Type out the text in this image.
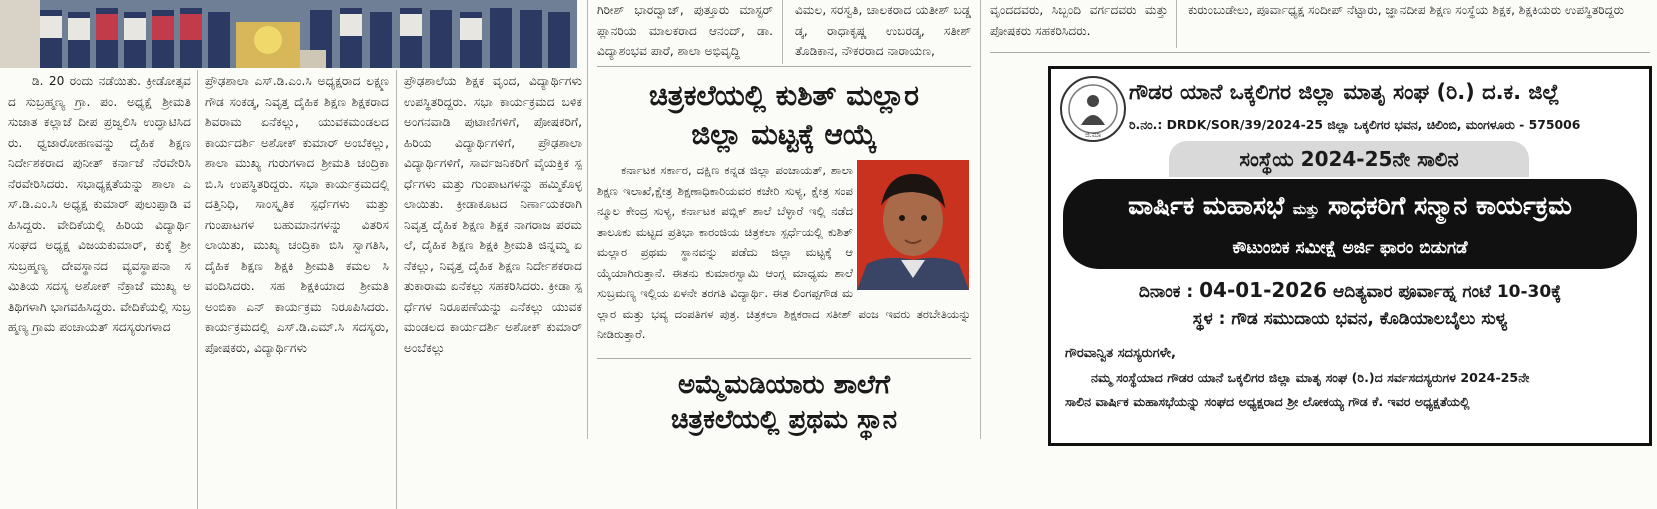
ಡಿ. 20 ರಂದು ನಡೆಯಿತು. ಕ್ರೀಡೋತ್ಸವದ ಸುಬ್ರಹ್ಮಣ್ಯ ಗ್ರಾ. ಪಂ. ಅಧ್ಯಕ್ಷೆ ಶ್ರೀಮತಿ ಸುಜಾತ ಕಲ್ಲಾಜೆ ದೀಪ ಪ್ರಜ್ವಲಿಸಿ ಉದ್ಘಾಟಿಸಿದರು. ಧ್ವಜಾರೋಹಣವನ್ನು ದೈಹಿಕ ಶಿಕ್ಷಣ ನಿರ್ದೇಶಕರಾದ ಪುನೀತ್ ಕರ್ನಾಜೆ ನೆರವೇರಿಸಿ ನೆರವೇರಿಸಿದರು. ಸಭಾಧ್ಯಕ್ಷತೆಯನ್ನು ಶಾಲಾ ಎಸ್.ಡಿ.ಎಂ.ಸಿ ಅಧ್ಯಕ್ಷ ಕುಮಾರ್ ಪುಲುಪ್ಪಾಡಿ ವಹಿಸಿದ್ದರು. ವೇದಿಕೆಯಲ್ಲಿ ಹಿರಿಯ ವಿದ್ಯಾರ್ಥಿ ಸಂಘದ ಅಧ್ಯಕ್ಷ ವಿಜಯಕುಮಾರ್, ಕುಕ್ಕೆ ಶ್ರೀ ಸುಬ್ರಹ್ಮಣ್ಯ ದೇವಸ್ಥಾನದ ವ್ಯವಸ್ಥಾಪನಾ ಸಮಿತಿಯ ಸದಸ್ಯ ಅಶೋಕ್ ನೆಕ್ರಾಜೆ ಮುಖ್ಯ ಅತಿಥಿಗಳಾಗಿ ಭಾಗವಹಿಸಿದ್ದರು. ವೇದಿಕೆಯಲ್ಲಿ ಸುಬ್ರಹ್ಮಣ್ಯ ಗ್ರಾಮ ಪಂಚಾಯತ್ ಸದಸ್ಯರುಗಳಾದ

ಪ್ರೌಢಶಾಲಾ ಎಸ್.ಡಿ.ಎಂ.ಸಿ ಅಧ್ಯಕ್ಷರಾದ ಲಕ್ಷ್ಮಣಗೌಡ ಸಂಕಡ್ಕ, ನಿವೃತ್ತ ದೈಹಿಕ ಶಿಕ್ಷಣ ಶಿಕ್ಷಕರಾದ ಶಿವರಾಮ ಏನೆಕಲ್ಲು, ಯುವಕಮಂಡಲದ ಕಾರ್ಯದರ್ಶಿ ಅಶೋಕ್ ಕುಮಾರ್ ಅಂಬೆಕಲ್ಲು, ಶಾಲಾ ಮುಖ್ಯ ಗುರುಗಳಾದ ಶ್ರೀಮತಿ ಚಂದ್ರಿಕಾ ಬಿ.ಸಿ ಉಪಸ್ಥಿತರಿದ್ದರು. ಸಭಾ ಕಾರ್ಯಕ್ರಮದಲ್ಲಿ ದತ್ತಿನಿಧಿ, ಸಾಂಸ್ಕೃತಿಕ ಸ್ಪರ್ಧೆಗಳು ಮತ್ತು ಗುಂಪಾಟಗಳ ಬಹುಮಾನಗಳನ್ನು ವಿತರಿಸಲಾಯಿತು, ಮುಖ್ಯ ಚಂದ್ರಿಕಾ ಬಿಸಿ ಸ್ವಾಗತಿಸಿ, ದೈಹಿಕ ಶಿಕ್ಷಣ ಶಿಕ್ಷಕಿ ಶ್ರೀಮತಿ ಕಮಲ ಸಿ ವಂದಿಸಿದರು. ಸಹ ಶಿಕ್ಷಕಿಯಾದ ಶ್ರೀಮತಿ ಅಂಬಿಕಾ ಎನ್ ಕಾರ್ಯಕ್ರಮ ನಿರೂಪಿಸಿದರು. ಕಾರ್ಯಕ್ರಮದಲ್ಲಿ ಎಸ್.ಡಿ.ಎಮ್.ಸಿ ಸದಸ್ಯರು, ಪೋಷಕರು, ವಿದ್ಯಾರ್ಥಿಗಳು

ಪ್ರೌಢಶಾಲೆಯ ಶಿಕ್ಷಕ ವೃಂದ, ವಿದ್ಯಾರ್ಥಿಗಳು ಉಪಸ್ಥಿತರಿದ್ದರು. ಸಭಾ ಕಾರ್ಯಕ್ರಮದ ಬಳಿಕ ಅಂಗನವಾಡಿ ಪುಟಾಣಿಗಳಿಗೆ, ಪೋಷಕರಿಗೆ, ಹಿರಿಯ ವಿದ್ಯಾರ್ಥಿಗಳಿಗೆ, ಪ್ರೌಢಶಾಲಾ ವಿದ್ಯಾರ್ಥಿಗಳಿಗೆ, ಸಾರ್ವಜನಿಕರಿಗೆ ವೈಯಕ್ತಿಕ ಸ್ಪರ್ಧೆಗಳು ಮತ್ತು ಗುಂಪಾಟಗಳನ್ನು ಹಮ್ಮಿಕೊಳ್ಳಲಾಯಿತು. ಕ್ರೀಡಾಕೂಟದ ನಿರ್ಣಾಯಕರಾಗಿ ನಿವೃತ್ತ ದೈಹಿಕ ಶಿಕ್ಷಣ ಶಿಕ್ಷಕ ನಾಗರಾಜ ಪರಮಲೆ, ದೈಹಿಕ ಶಿಕ್ಷಣ ಶಿಕ್ಷಕಿ ಶ್ರೀಮತಿ ಜಿನ್ನಮ್ಮ ಏನೆಕಲ್ಲು, ನಿವೃತ್ತ ದೈಹಿಕ ಶಿಕ್ಷಣ ನಿರ್ದೇಶಕರಾದ ತುಕಾರಾಮ ಏನೆಕಲ್ಲು ಸಹಕರಿಸಿದರು. ಕ್ರೀಡಾ ಸ್ಪರ್ಧೆಗಳ ನಿರೂಪಣೆಯನ್ನು ಎನೆಕಲ್ಲು ಯುವಕಮಂಡಲದ ಕಾರ್ಯದರ್ಶಿ ಅಶೋಕ್ ಕುಮಾರ್ ಅಂಬೆಕಲ್ಲು

ಗಿರೀಶ್ ಭಾರದ್ವಾಜ್, ಪುತ್ತೂರು ಮಾಸ್ಟರ್ ಪ್ಲಾನರಿಯ ಮಾಲಕರಾದ ಆನಂದ್, ಡಾ. ವಿದ್ಯಾಶಂಭವ ಪಾರೆ, ಶಾಲಾ ಅಭಿವೃದ್ಧಿ

ವಿಮಲ, ಸರಸ್ವತಿ, ಚಾಲಕರಾದ ಯತೀಶ್ ಬಡ್ಡಡ್ಕ, ರಾಧಾಕೃಷ್ಣ ಉಬರಡ್ಕ, ಸತೀಶ್ ತೊಡಿಕಾನ, ನೌಕರರಾದ ನಾರಾಯಣ,

ಚಿತ್ರಕಲೆಯಲ್ಲಿ ಕುಶಿತ್ ಮಲ್ಲಾರ
ಜಿಲ್ಲಾ ಮಟ್ಟಕ್ಕೆ ಆಯ್ಕೆ

ಕರ್ನಾಟಕ ಸರ್ಕಾರ, ದಕ್ಷಿಣ ಕನ್ನಡ ಜಿಲ್ಲಾ ಪಂಚಾಯತ್, ಶಾಲಾ ಶಿಕ್ಷಣ ಇಲಾಖೆ,ಕ್ಷೇತ್ರ ಶಿಕ್ಷಣಾಧಿಕಾರಿಯವರ ಕಚೇರಿ ಸುಳ್ಯ, ಕ್ಷೇತ್ರ ಸಂಪನ್ಮೂಲ ಕೇಂದ್ರ ಸುಳ್ಯ, ಕರ್ನಾಟಕ ಪಬ್ಲಿಕ್ ಶಾಲೆ ಬೆಳ್ಳಾರೆ ಇಲ್ಲಿ ನಡೆದ ತಾಲೂಕು ಮಟ್ಟದ ಪ್ರತಿಭಾ ಕಾರಂಜಿಯ ಚಿತ್ರಕಲಾ ಸ್ಪರ್ಧೆಯಲ್ಲಿ ಕುಶಿತ್ ಮಲ್ಲಾರ ಪ್ರಥಮ ಸ್ಥಾನವನ್ನು ಪಡೆದು ಜಿಲ್ಲಾ ಮಟ್ಟಕ್ಕೆ ಆಯ್ಕೆಯಾಗಿರುತ್ತಾನೆ. ಈತನು ಕುಮಾರಸ್ವಾಮಿ ಆಂಗ್ಲ ಮಾಧ್ಯಮ ಶಾಲೆ ಸುಬ್ರಮಣ್ಯ ಇಲ್ಲಿಯ ಏಳನೇ ತರಗತಿ ವಿದ್ಯಾರ್ಥಿ. ಈತ ಲಿಂಗಪ್ಪಗೌಡ ಮಲ್ಲಾರ ಮತ್ತು ಭವ್ಯ ದಂಪತಿಗಳ ಪುತ್ರ. ಚಿತ್ರಕಲಾ ಶಿಕ್ಷಕರಾದ ಸತೀಶ್ ಪಂಜ ಇವರು ತರಬೇತಿಯನ್ನು ನೀಡಿರುತ್ತಾರೆ.

ಅಮ್ಮೆಮಡಿಯಾರು ಶಾಲೆಗೆ
ಚಿತ್ರಕಲೆಯಲ್ಲಿ ಪ್ರಥಮ ಸ್ಥಾನ

ವೃಂದದವರು, ಸಿಬ್ಬಂದಿ ವರ್ಗದವರು ಮತ್ತು ಪೋಷಕರು ಸಹಕರಿಸಿದರು.

ಕುರುಂಬುಡೇಲು, ಪೂರ್ವಾಧ್ಯಕ್ಷ ಸಂದೀಪ್ ನೆಟ್ಟಾರು, ಜ್ಞಾನದೀಪ ಶಿಕ್ಷಣ ಸಂಸ್ಥೆಯ ಶಿಕ್ಷಕ, ಶಿಕ್ಷಕಿಯರು ಉಪಸ್ಥಿತರಿದ್ದರು

ಜಿ.ಮಾ
ಗೌಡರ ಯಾನೆ ಒಕ್ಕಲಿಗರ ಜಿಲ್ಲಾ ಮಾತೃ ಸಂಘ (ರಿ.) ದ.ಕ. ಜಿಲ್ಲೆ
ರಿ.ನಂ.: DRDK/SOR/39/2024-25 ಜಿಲ್ಲಾ ಒಕ್ಕಲಿಗರ ಭವನ, ಚಿಲಿಂಬಿ, ಮಂಗಳೂರು - 575006
ಸಂಸ್ಥೆಯ 2024-25ನೇ ಸಾಲಿನ
ವಾರ್ಷಿಕ ಮಹಾಸಭೆ ಮತ್ತು ಸಾಧಕರಿಗೆ ಸನ್ಮಾನ ಕಾರ್ಯಕ್ರಮ
ಕೌಟುಂಬಿಕ ಸಮೀಕ್ಷೆ ಅರ್ಜಿ ಫಾರಂ ಬಿಡುಗಡೆ
ದಿನಾಂಕ : 04-01-2026 ಆದಿತ್ಯವಾರ ಪೂರ್ವಾಹ್ನ ಗಂಟೆ 10-30ಕ್ಕೆ
ಸ್ಥಳ : ಗೌಡ ಸಮುದಾಯ ಭವನ, ಕೊಡಿಯಾಲಬೈಲು ಸುಳ್ಯ
ಗೌರವಾನ್ವಿತ ಸದಸ್ಯರುಗಳೇ,
ನಮ್ಮ ಸಂಸ್ಥೆಯಾದ ಗೌಡರ ಯಾನೆ ಒಕ್ಕಲಿಗರ ಜಿಲ್ಲಾ ಮಾತೃ ಸಂಘ (ರಿ.)ದ ಸರ್ವಸದಸ್ಯರುಗಳ 2024-25ನೇ
ಸಾಲಿನ ವಾರ್ಷಿಕ ಮಹಾಸಭೆಯನ್ನು ಸಂಘದ ಅಧ್ಯಕ್ಷರಾದ ಶ್ರೀ ಲೋಕಯ್ಯ ಗೌಡ ಕೆ. ಇವರ ಅಧ್ಯಕ್ಷತೆಯಲ್ಲಿ
